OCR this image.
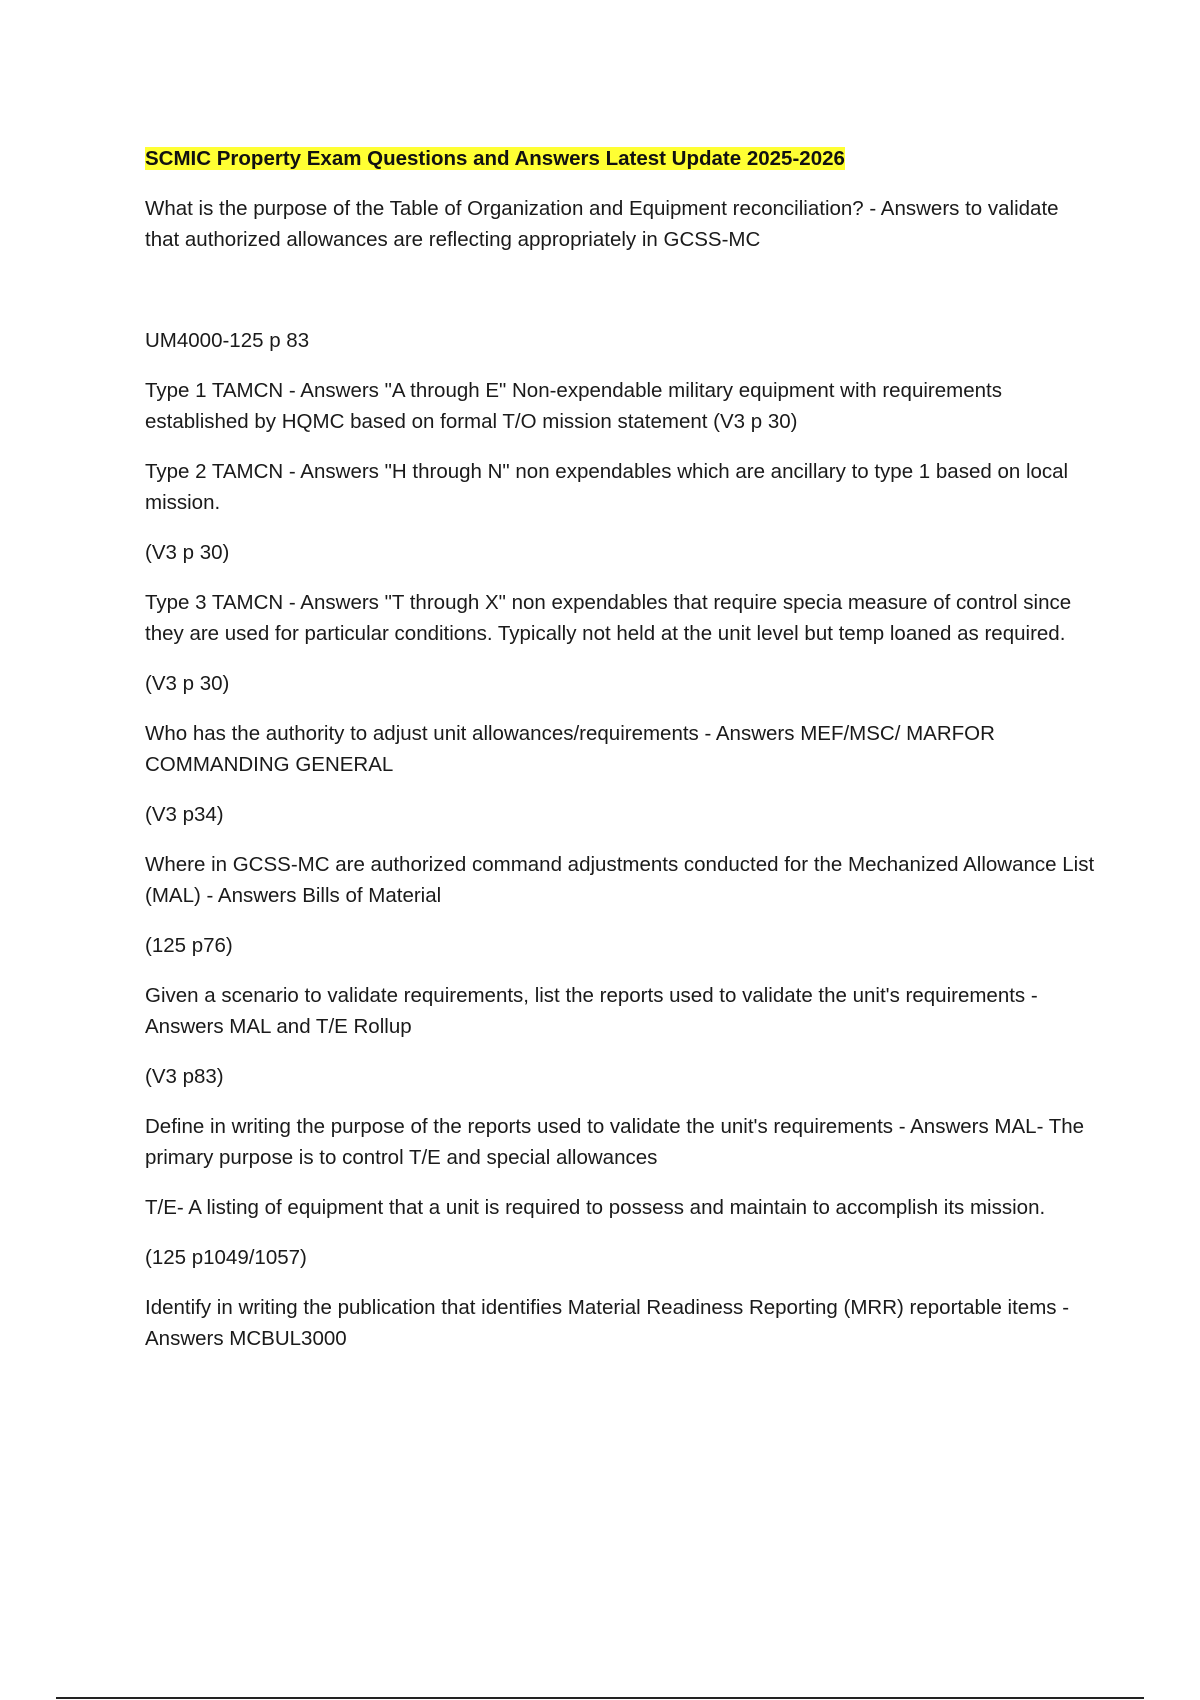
SCMIC Property Exam Questions and Answers Latest Update 2025-2026

What is the purpose of the Table of Organization and Equipment reconciliation? - Answers to validate that authorized allowances are reflecting appropriately in GCSS-MC

UM4000-125 p 83

Type 1 TAMCN - Answers "A through E" Non-expendable military equipment with requirements established by HQMC based on formal T/O mission statement (V3 p 30)

Type 2 TAMCN - Answers "H through N" non expendables which are ancillary to type 1 based on local mission.

(V3 p 30)

Type 3 TAMCN - Answers "T through X" non expendables that require specia measure of control since they are used for particular conditions. Typically not held at the unit level but temp loaned as required.

(V3 p 30)

Who has the authority to adjust unit allowances/requirements - Answers MEF/MSC/ MARFOR COMMANDING GENERAL

(V3 p34)

Where in GCSS-MC are authorized command adjustments conducted for the Mechanized Allowance List (MAL) - Answers Bills of Material

(125 p76)

Given a scenario to validate requirements, list the reports used to validate the unit's requirements - Answers MAL and T/E Rollup

(V3 p83)

Define in writing the purpose of the reports used to validate the unit's requirements - Answers MAL- The primary purpose is to control T/E and special allowances

T/E- A listing of equipment that a unit is required to possess and maintain to accomplish its mission.

(125 p1049/1057)

Identify in writing the publication that identifies Material Readiness Reporting (MRR) reportable items - Answers MCBUL3000
